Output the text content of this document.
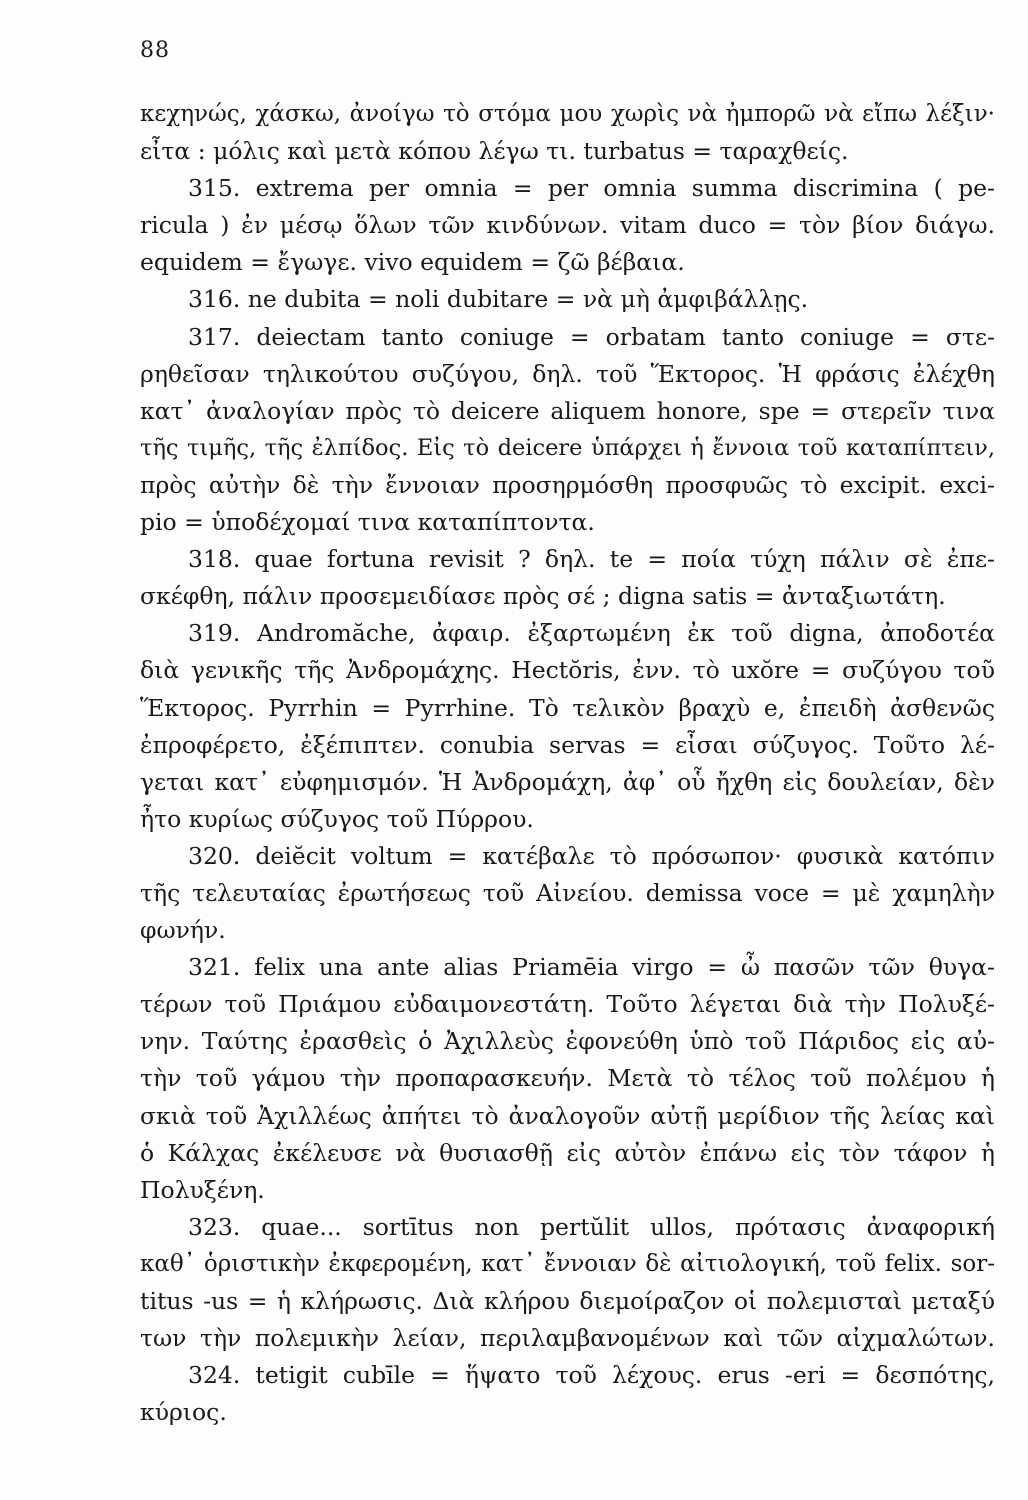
88
κεχηνώς, χάσκω, ἀνοίγω τὸ στόμα μου χωρὶς νὰ ἠμπορῶ νὰ εἴπω λέξιν·
εἶτα : μόλις καὶ μετὰ κόπου λέγω τι. turbatus = ταραχθείς.
315. extrema per omnia = per omnia summa discrimina ( pe-
ricula ) ἐν μέσῳ ὅλων τῶν κινδύνων. vitam duco = τὸν βίον διάγω.
equidem = ἔγωγε. vivo equidem = ζῶ βέβαια.
316. ne dubita = noli dubitare = νὰ μὴ ἀμφιβάλλῃς.
317. deiectam tanto coniuge = orbatam tanto coniuge = στε-
ρηθεῖσαν τηλικούτου συζύγου, δηλ. τοῦ Ἕκτορος. Ἡ φράσις ἐλέχθη
κατ᾽ ἀναλογίαν πρὸς τὸ deicere aliquem honore, spe = στερεῖν τινα
τῆς τιμῆς, τῆς ἐλπίδος. Εἰς τὸ deicere ὑπάρχει ἡ ἔννοια τοῦ καταπίπτειν,
πρὸς αὐτὴν δὲ τὴν ἔννοιαν προσηρμόσθη προσφυῶς τὸ excipit. exci-
pio = ὑποδέχομαί τινα καταπίπτοντα.
318. quae fortuna revisit ? δηλ. te = ποία τύχη πάλιν σὲ ἐπε-
σκέφθη, πάλιν προσεμειδίασε πρὸς σέ ; digna satis = ἀνταξιωτάτη.
319. Andromăche, ἀφαιρ. ἐξαρτωμένη ἐκ τοῦ digna, ἀποδοτέα
διὰ γενικῆς τῆς Ἀνδρομάχης. Hectŏris, ἐνν. τὸ uxŏre = συζύγου τοῦ
Ἕκτορος. Pyrrhin = Pyrrhine. Τὸ τελικὸν βραχὺ e, ἐπειδὴ ἀσθενῶς
ἐπροφέρετο, ἐξέπιπτεν. conubia servas = εἶσαι σύζυγος. Τοῦτο λέ-
γεται κατ᾽ εὐφημισμόν. Ἡ Ἀνδρομάχη, ἀφ᾽ οὗ ἤχθη εἰς δουλείαν, δὲν
ἦτο κυρίως σύζυγος τοῦ Πύρρου.
320. deiĕcit voltum = κατέβαλε τὸ πρόσωπον· φυσικὰ κατόπιν
τῆς τελευταίας ἐρωτήσεως τοῦ Αἰνείου. demissa voce = μὲ χαμηλὴν
φωνήν.
321. felix una ante alias Priamēia virgo = ὦ πασῶν τῶν θυγα-
τέρων τοῦ Πριάμου εὐδαιμονεστάτη. Τοῦτο λέγεται διὰ τὴν Πολυξέ-
νην. Ταύτης ἐρασθεὶς ὁ Ἀχιλλεὺς ἐφονεύθη ὑπὸ τοῦ Πάριδος εἰς αὐ-
τὴν τοῦ γάμου τὴν προπαρασκευήν. Μετὰ τὸ τέλος τοῦ πολέμου ἡ
σκιὰ τοῦ Ἀχιλλέως ἀπήτει τὸ ἀναλογοῦν αὐτῇ μερίδιον τῆς λείας καὶ
ὁ Κάλχας ἐκέλευσε νὰ θυσιασθῇ εἰς αὐτὸν ἐπάνω εἰς τὸν τάφον ἡ
Πολυξένη.
323. quae... sortītus non pertŭlit ullos, πρότασις ἀναφορική
καθ᾽ ὁριστικὴν ἐκφερομένη, κατ᾽ ἔννοιαν δὲ αἰτιολογική, τοῦ felix. sor-
titus -us = ἡ κλήρωσις. Διὰ κλήρου διεμοίραζον οἱ πολεμισταὶ μεταξύ
των τὴν πολεμικὴν λείαν, περιλαμβανομένων καὶ τῶν αἰχμαλώτων.
324. tetigit cubīle = ἥψατο τοῦ λέχους. erus -eri = δεσπότης,
κύριος.
